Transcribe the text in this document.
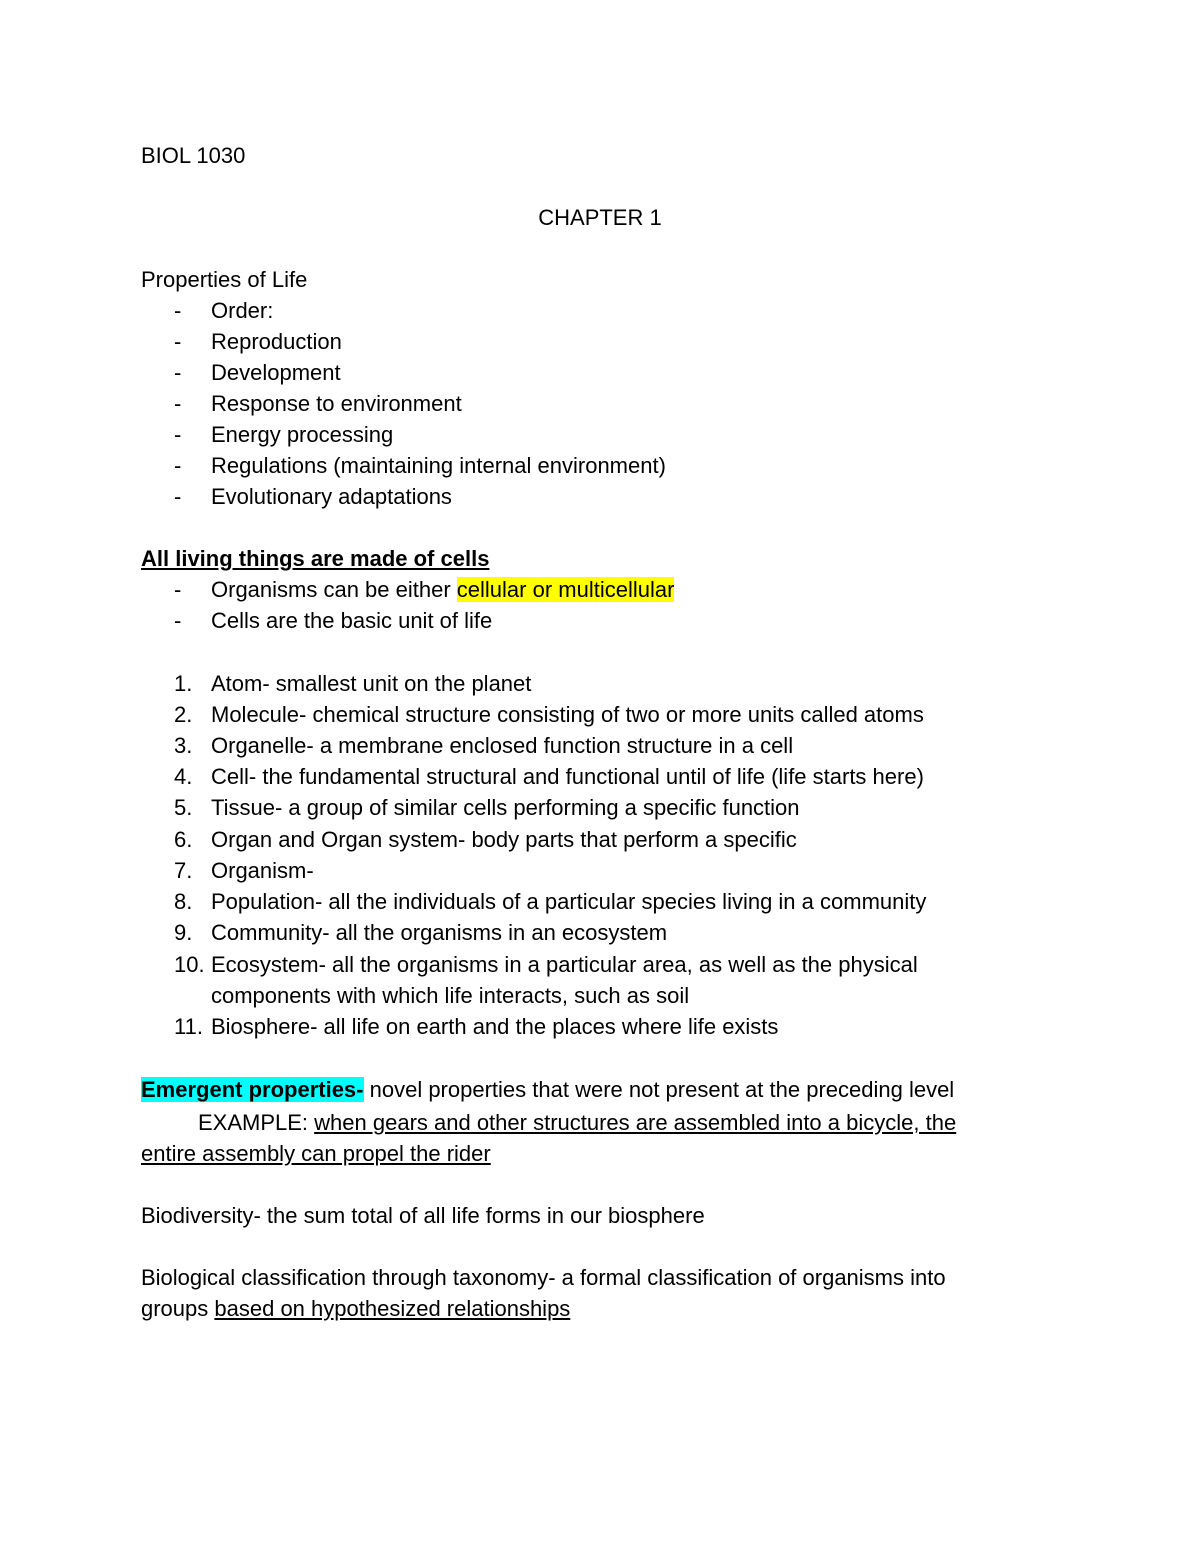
BIOL 1030
CHAPTER 1
Properties of Life
-	Order:
-	Reproduction
-	Development
-	Response to environment
-	Energy processing
-	Regulations (maintaining internal environment)
-	Evolutionary adaptations
All living things are made of cells
-	Organisms can be either cellular or multicellular
-	Cells are the basic unit of life
1. Atom- smallest unit on the planet
2. Molecule- chemical structure consisting of two or more units called atoms
3. Organelle- a membrane enclosed function structure in a cell
4. Cell- the fundamental structural and functional until of life (life starts here)
5. Tissue- a group of similar cells performing a specific function
6. Organ and Organ system- body parts that perform a specific
7. Organism-
8. Population- all the individuals of a particular species living in a community
9. Community- all the organisms in an ecosystem
10. Ecosystem- all the organisms in a particular area, as well as the physical
components with which life interacts, such as soil
11. Biosphere- all life on earth and the places where life exists
Emergent properties- novel properties that were not present at the preceding level
EXAMPLE: when gears and other structures are assembled into a bicycle, the
entire assembly can propel the rider
Biodiversity- the sum total of all life forms in our biosphere
Biological classification through taxonomy- a formal classification of organisms into
groups based on hypothesized relationships
